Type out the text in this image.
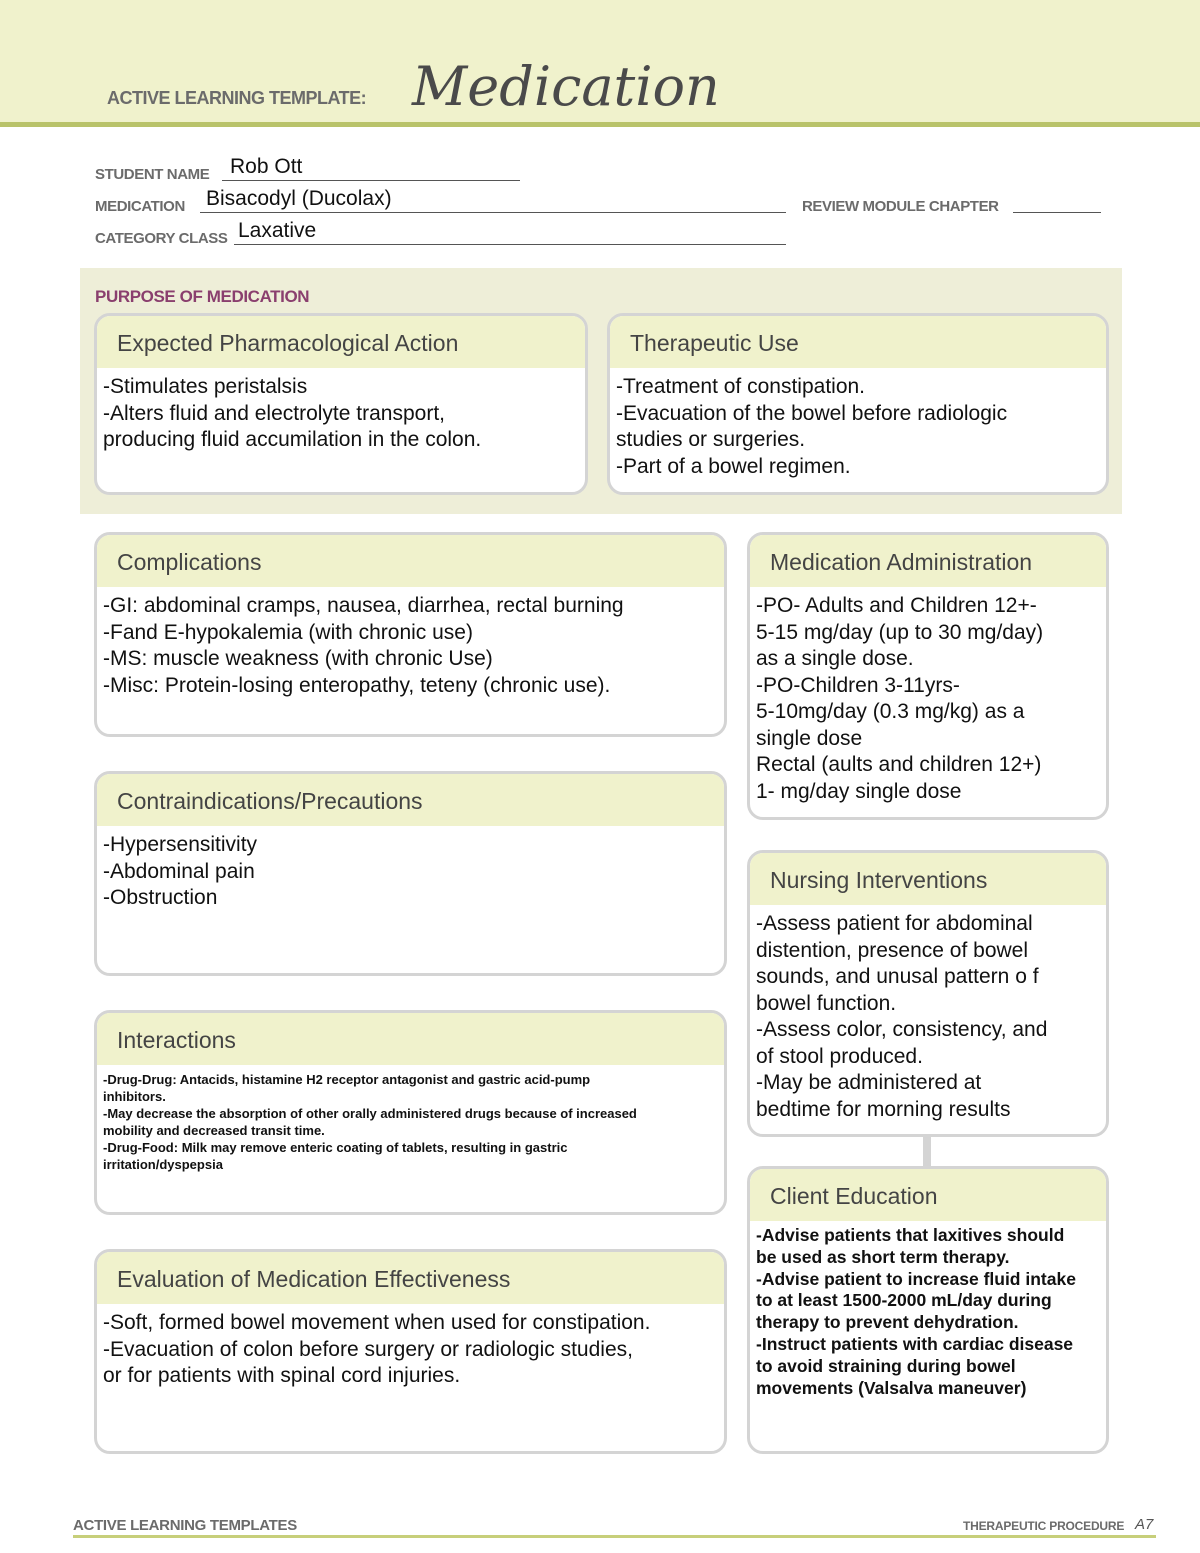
ACTIVE LEARNING TEMPLATE: Medication
STUDENT NAME Rob Ott
MEDICATION Bisacodyl (Ducolax)	REVIEW MODULE CHAPTER
CATEGORY CLASS Laxative
PURPOSE OF MEDICATION
Expected Pharmacological Action
-Stimulates peristalsis
-Alters fluid and electrolyte transport,
producing fluid accumilation in the colon.
Therapeutic Use
-Treatment of constipation.
-Evacuation of the bowel before radiologic
studies or surgeries.
-Part of a bowel regimen.
Complications
-GI: abdominal cramps, nausea, diarrhea, rectal burning
-Fand E-hypokalemia (with chronic use)
-MS: muscle weakness (with chronic Use)
-Misc: Protein-losing enteropathy, teteny (chronic use).
Contraindications/Precautions
-Hypersensitivity
-Abdominal pain
-Obstruction
Interactions
-Drug-Drug: Antacids, histamine H2 receptor antagonist and gastric acid-pump
inhibitors.
-May decrease the absorption of other orally administered drugs because of increased
mobility and decreased transit time.
-Drug-Food: Milk may remove enteric coating of tablets, resulting in gastric
irritation/dyspepsia
Evaluation of Medication Effectiveness
-Soft, formed bowel movement when used for constipation.
-Evacuation of colon before surgery or radiologic studies,
or for patients with spinal cord injuries.
Medication Administration
-PO- Adults and Children 12+-
5-15 mg/day (up to 30 mg/day)
as a single dose.
-PO-Children 3-11yrs-
5-10mg/day (0.3 mg/kg) as a
single dose
Rectal (aults and children 12+)
1- mg/day single dose
Nursing Interventions
-Assess patient for abdominal
distention, presence of bowel
sounds, and unusal pattern o f
bowel function.
-Assess color, consistency, and
of stool produced.
-May be administered at
bedtime for morning results
Client Education
-Advise patients that laxitives should
be used as short term therapy.
-Advise patient to increase fluid intake
to at least 1500-2000 mL/day during
therapy to prevent dehydration.
-Instruct patients with cardiac disease
to avoid straining during bowel
movements (Valsalva maneuver)
ACTIVE LEARNING TEMPLATES	THERAPEUTIC PROCEDURE A7
